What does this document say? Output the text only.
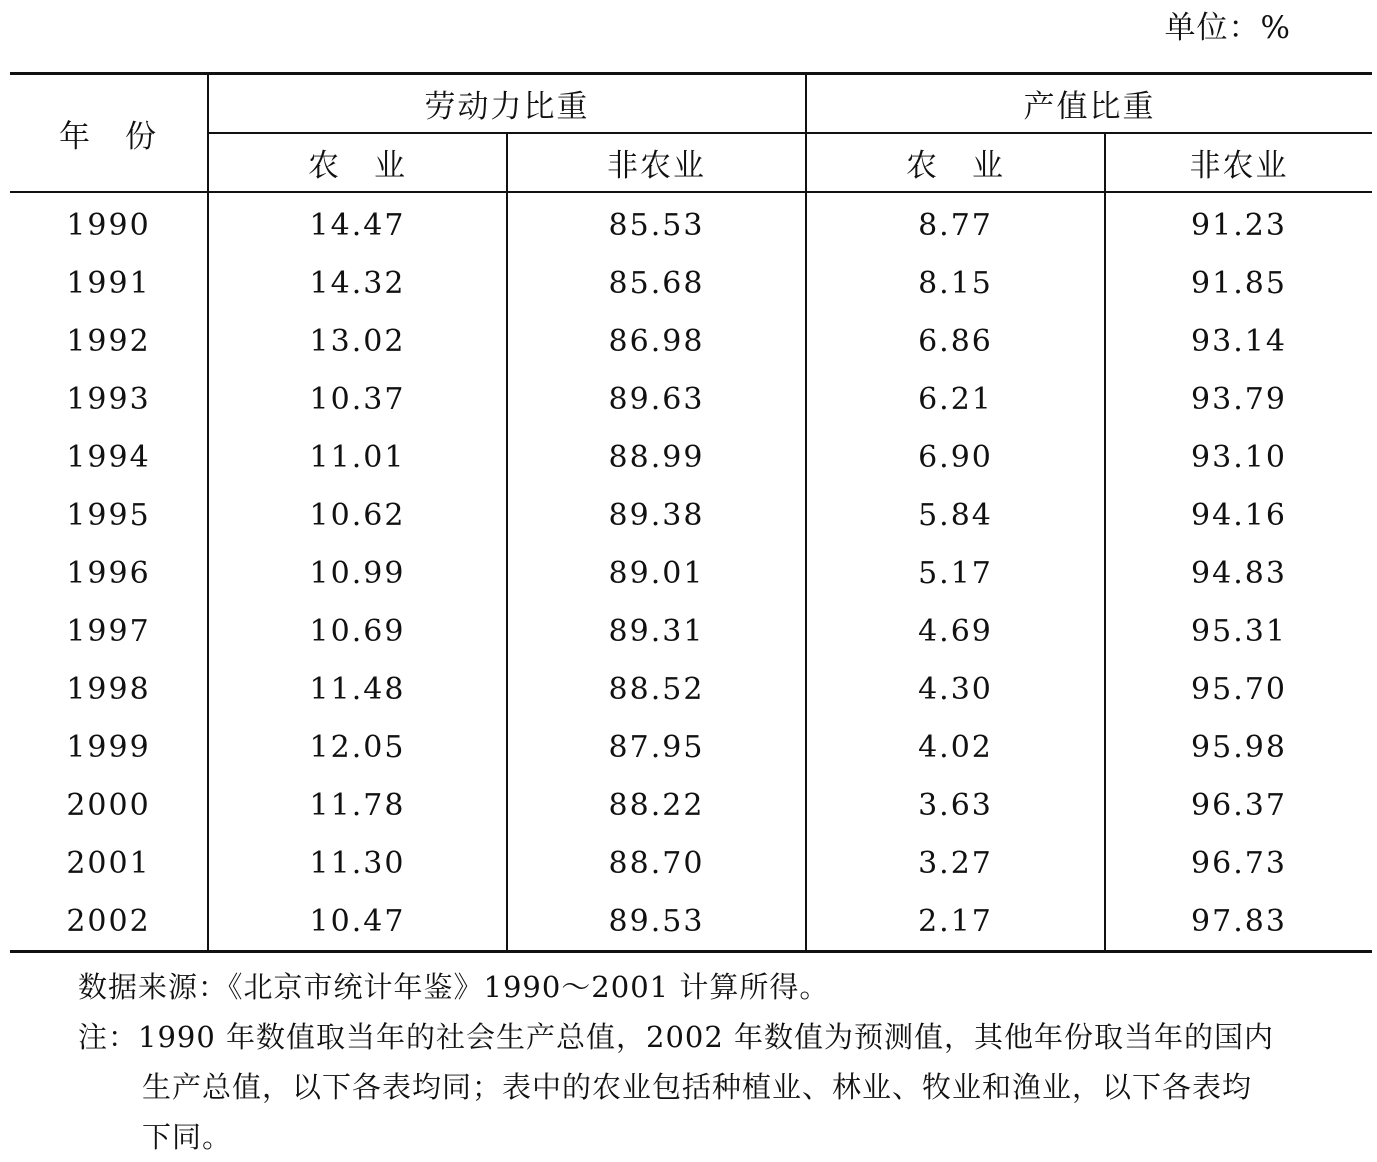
单位：%
年　份	劳动力比重		产值比重	
	农　业	非农业	农　业	非农业
1990	14.47	85.53	8.77	91.23
1991	14.32	85.68	8.15	91.85
1992	13.02	86.98	6.86	93.14
1993	10.37	89.63	6.21	93.79
1994	11.01	88.99	6.90	93.10
1995	10.62	89.38	5.84	94.16
1996	10.99	89.01	5.17	94.83
1997	10.69	89.31	4.69	95.31
1998	11.48	88.52	4.30	95.70
1999	12.05	87.95	4.02	95.98
2000	11.78	88.22	3.63	96.37
2001	11.30	88.70	3.27	96.73
2002	10.47	89.53	2.17	97.83
数据来源：《北京市统计年鉴》1990～2001 计算所得。
注：1990 年数值取当年的社会生产总值，2002 年数值为预测值，其他年份取当年的国内
生产总值，以下各表均同；表中的农业包括种植业、林业、牧业和渔业，以下各表均
下同。
